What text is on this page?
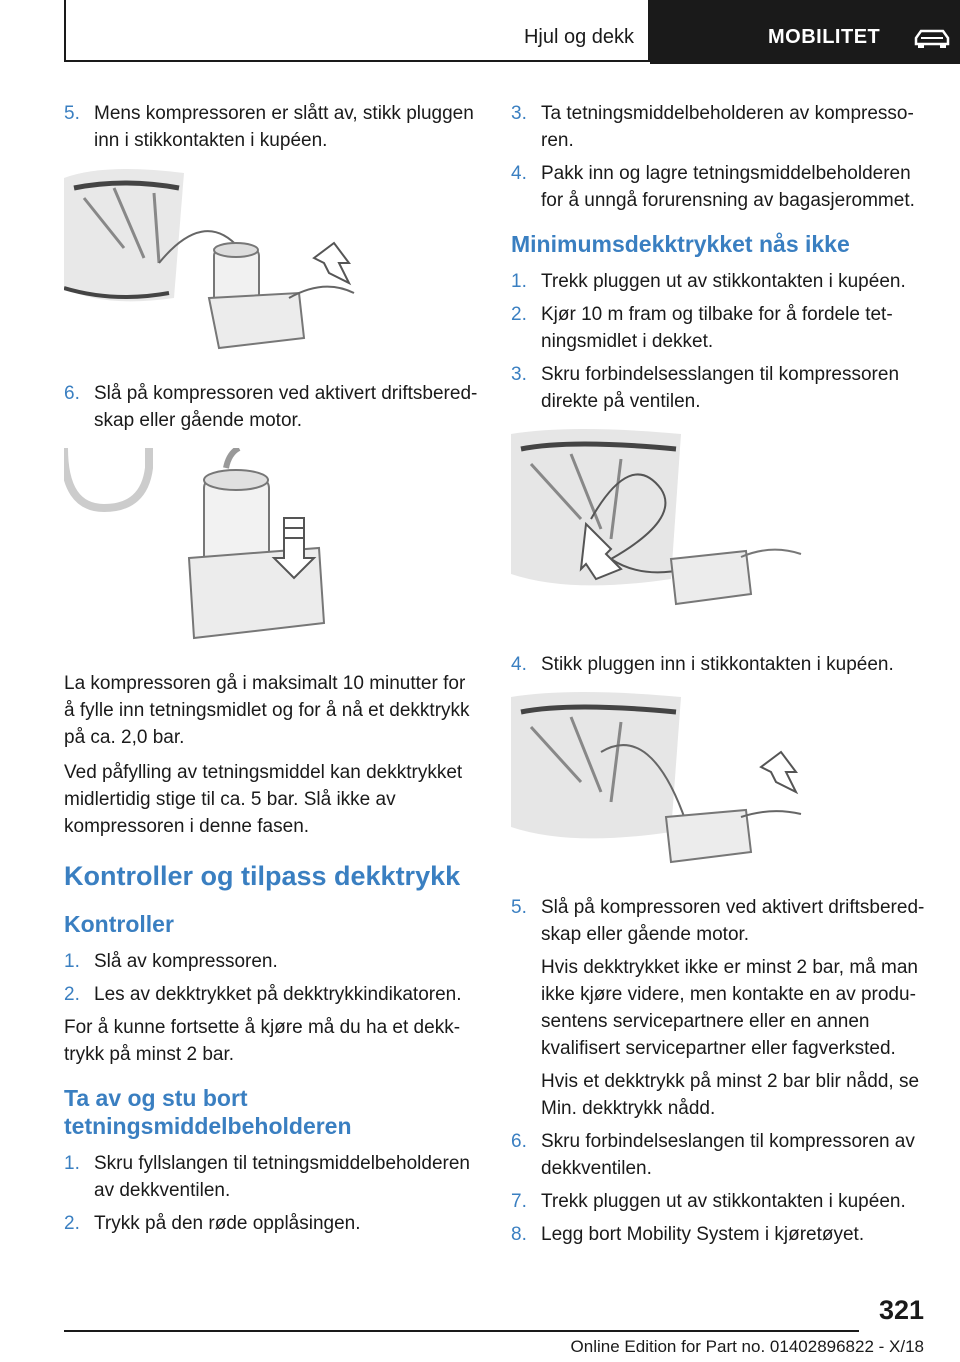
Hjul og dekk	MOBILITET
5. Mens kompressoren er slått av, stikk pluggen inn i stikkontakten i kupéen.
6. Slå på kompressoren ved aktivert driftsberedskap eller gående motor.

La kompressoren gå i maksimalt 10 minutter for å fylle inn tetningsmidlet og for å nå et dekktrykk på ca. 2,0 bar.

Ved påfylling av tetningsmiddel kan dekktrykket midlertidig stige til ca. 5 bar. Slå ikke av kompressoren i denne fasen.

Kontroller og tilpass dekktrykk
Kontroller
1. Slå av kompressoren.
2. Les av dekktrykket på dekktrykkindikatoren.

For å kunne fortsette å kjøre må du ha et dekktrykk på minst 2 bar.

Ta av og stu bort tetningsmiddelbeholderen
1. Skru fyllslangen til tetningsmiddelbeholderen av dekkventilen.
2. Trykk på den røde opplåsingen.
3. Ta tetningsmiddelbeholderen av kompressoren.
4. Pakk inn og lagre tetningsmiddelbeholderen for å unngå forurensning av bagasjerommet.
Minimumsdekktrykket nås ikke
1. Trekk pluggen ut av stikkontakten i kupéen.
2. Kjør 10 m fram og tilbake for å fordele tetningsmidlet i dekket.
3. Skru forbindelsesslangen til kompressoren direkte på ventilen.
4. Stikk pluggen inn i stikkontakten i kupéen.
5. Slå på kompressoren ved aktivert driftsberedskap eller gående motor.

Hvis dekktrykket ikke er minst 2 bar, må man ikke kjøre videre, men kontakte en av produsentens servicepartnere eller en annen kvalifisert servicepartner eller fagverksted.

Hvis et dekktrykk på minst 2 bar blir nådd, se Min. dekktrykk nådd.

6. Skru forbindelseslangen til kompressoren av dekkventilen.
7. Trekk pluggen ut av stikkontakten i kupéen.
8. Legg bort Mobility System i kjøretøyet.
321
Online Edition for Part no. 01402896822 - X/18
